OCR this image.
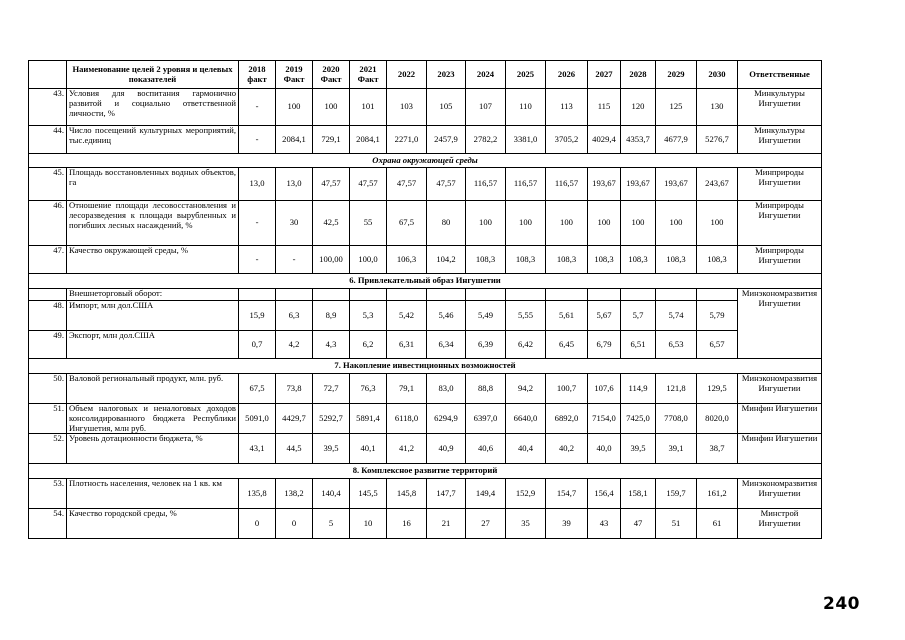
	Наименование целей 2 уровня и целевых показателей	2018 факт	2019 Факт	2020 Факт	2021 Факт	2022	2023	2024	2025	2026	2027	2028	2029	2030	Ответственные
43.	Условия для воспитания гармонично развитой и социально ответственной личности, %	-	100	100	101	103	105	107	110	113	115	120	125	130	Минкультуры Ингушетии
44.	Число посещений культурных мероприятий, тыс.единиц	-	2084,1	729,1	2084,1	2271,0	2457,9	2782,2	3381,0	3705,2	4029,4	4353,7	4677,9	5276,7	Минкультуры Ингушетии
Охрана окружающей среды															
45.	Площадь восстановленных водных объектов, га	13,0	13,0	47,57	47,57	47,57	47,57	116,57	116,57	116,57	193,67	193,67	193,67	243,67	Минприроды Ингушетии
46.	Отношение площади лесовосстановления и лесоразведения к площади вырубленных и погибших лесных насаждений, %	-	30	42,5	55	67,5	80	100	100	100	100	100	100	100	Минприроды Ингушетии
47.	Качество окружающей среды, %	-	-	100,00	100,0	106,3	104,2	108,3	108,3	108,3	108,3	108,3	108,3	108,3	Минприроды Ингушетии
6. Привлекательный образ Ингушетии															
	Внешнеторговый оборот:														Минэкономразвития Ингушетии
48.	Импорт, млн дол.США	15,9	6,3	8,9	5,3	5,42	5,46	5,49	5,55	5,61	5,67	5,7	5,74	5,79	
49.	Экспорт, млн дол.США	0,7	4,2	4,3	6,2	6,31	6,34	6,39	6,42	6,45	6,79	6,51	6,53	6,57	
7. Накопление инвестиционных возможностей															
50.	Валовой региональный продукт, млн. руб.	67,5	73,8	72,7	76,3	79,1	83,0	88,8	94,2	100,7	107,6	114,9	121,8	129,5	Минэкономразвития Ингушетии
51.	Объем налоговых и неналоговых доходов консолидированного бюджета Республики Ингушетия, млн руб.	5091,0	4429,7	5292,7	5891,4	6118,0	6294,9	6397,0	6640,0	6892,0	7154,0	7425,0	7708,0	8020,0	Минфин Ингушетии
52.	Уровень дотационности бюджета, %	43,1	44,5	39,5	40,1	41,2	40,9	40,6	40,4	40,2	40,0	39,5	39,1	38,7	Минфин Ингушетии
8. Комплексное развитие территорий															
53.	Плотность населения, человек на 1 кв. км	135,8	138,2	140,4	145,5	145,8	147,7	149,4	152,9	154,7	156,4	158,1	159,7	161,2	Минэкономразвития Ингушетии
54.	Качество городской среды, %	0	0	5	10	16	21	27	35	39	43	47	51	61	Минстрой Ингушетии
240
